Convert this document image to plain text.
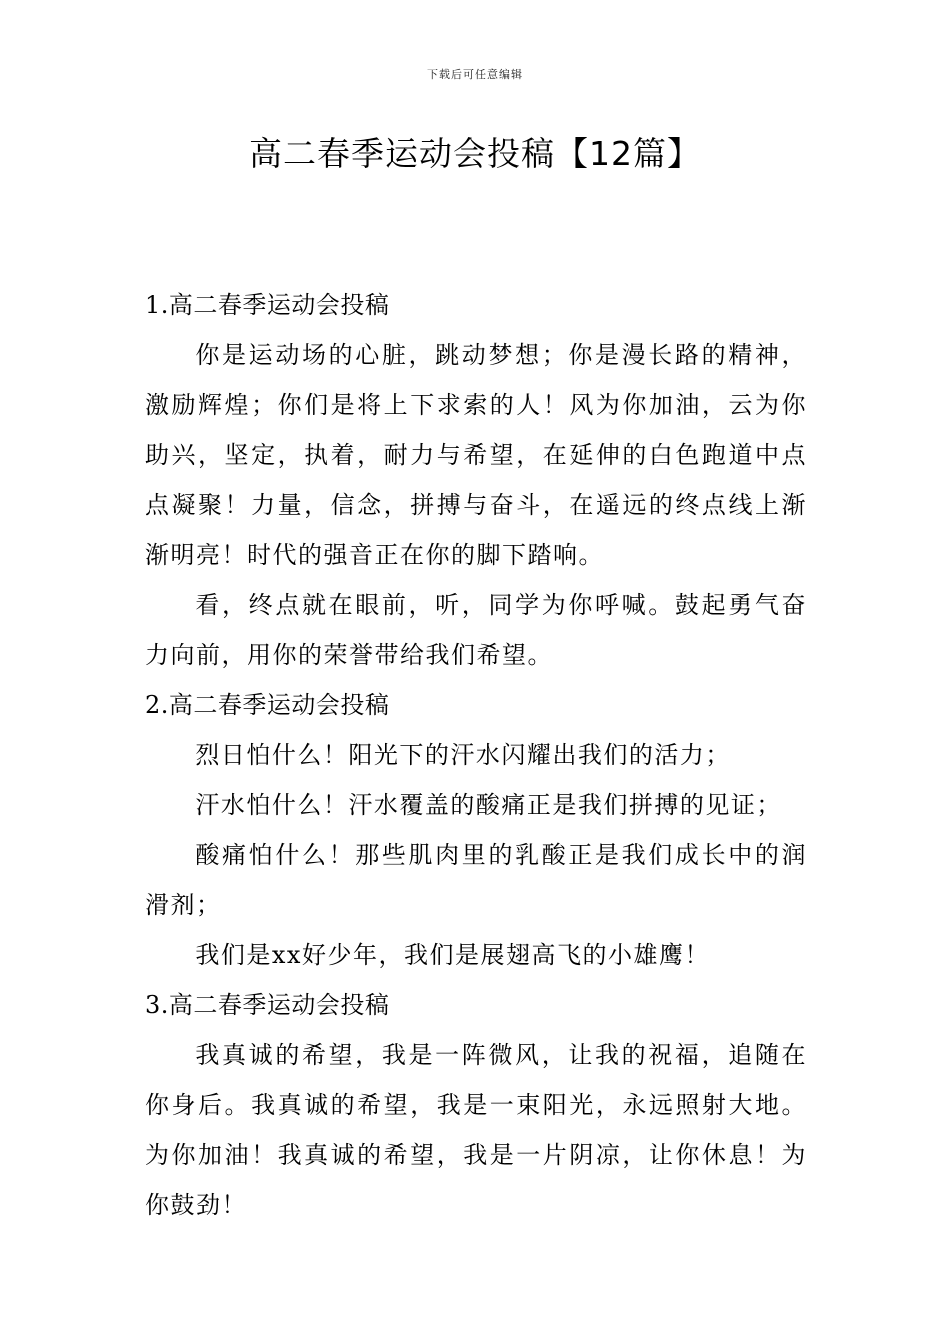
下载后可任意编辑
高二春季运动会投稿【12篇】
1.高二春季运动会投稿

你是运动场的心脏，跳动梦想；你是漫长路的精神，激励辉煌；你们是将上下求索的人！风为你加油，云为你助兴，坚定，执着，耐力与希望，在延伸的白色跑道中点点凝聚！力量，信念，拼搏与奋斗，在遥远的终点线上渐渐明亮！时代的强音正在你的脚下踏响。

看，终点就在眼前，听，同学为你呼喊。鼓起勇气奋力向前，用你的荣誉带给我们希望。

2.高二春季运动会投稿

烈日怕什么！阳光下的汗水闪耀出我们的活力；

汗水怕什么！汗水覆盖的酸痛正是我们拼搏的见证；

酸痛怕什么！那些肌肉里的乳酸正是我们成长中的润滑剂；

我们是xx好少年，我们是展翅高飞的小雄鹰！

3.高二春季运动会投稿

我真诚的希望，我是一阵微风，让我的祝福，追随在你身后。我真诚的希望，我是一束阳光，永远照射大地。为你加油！我真诚的希望，我是一片阴凉，让你休息！为你鼓劲！
